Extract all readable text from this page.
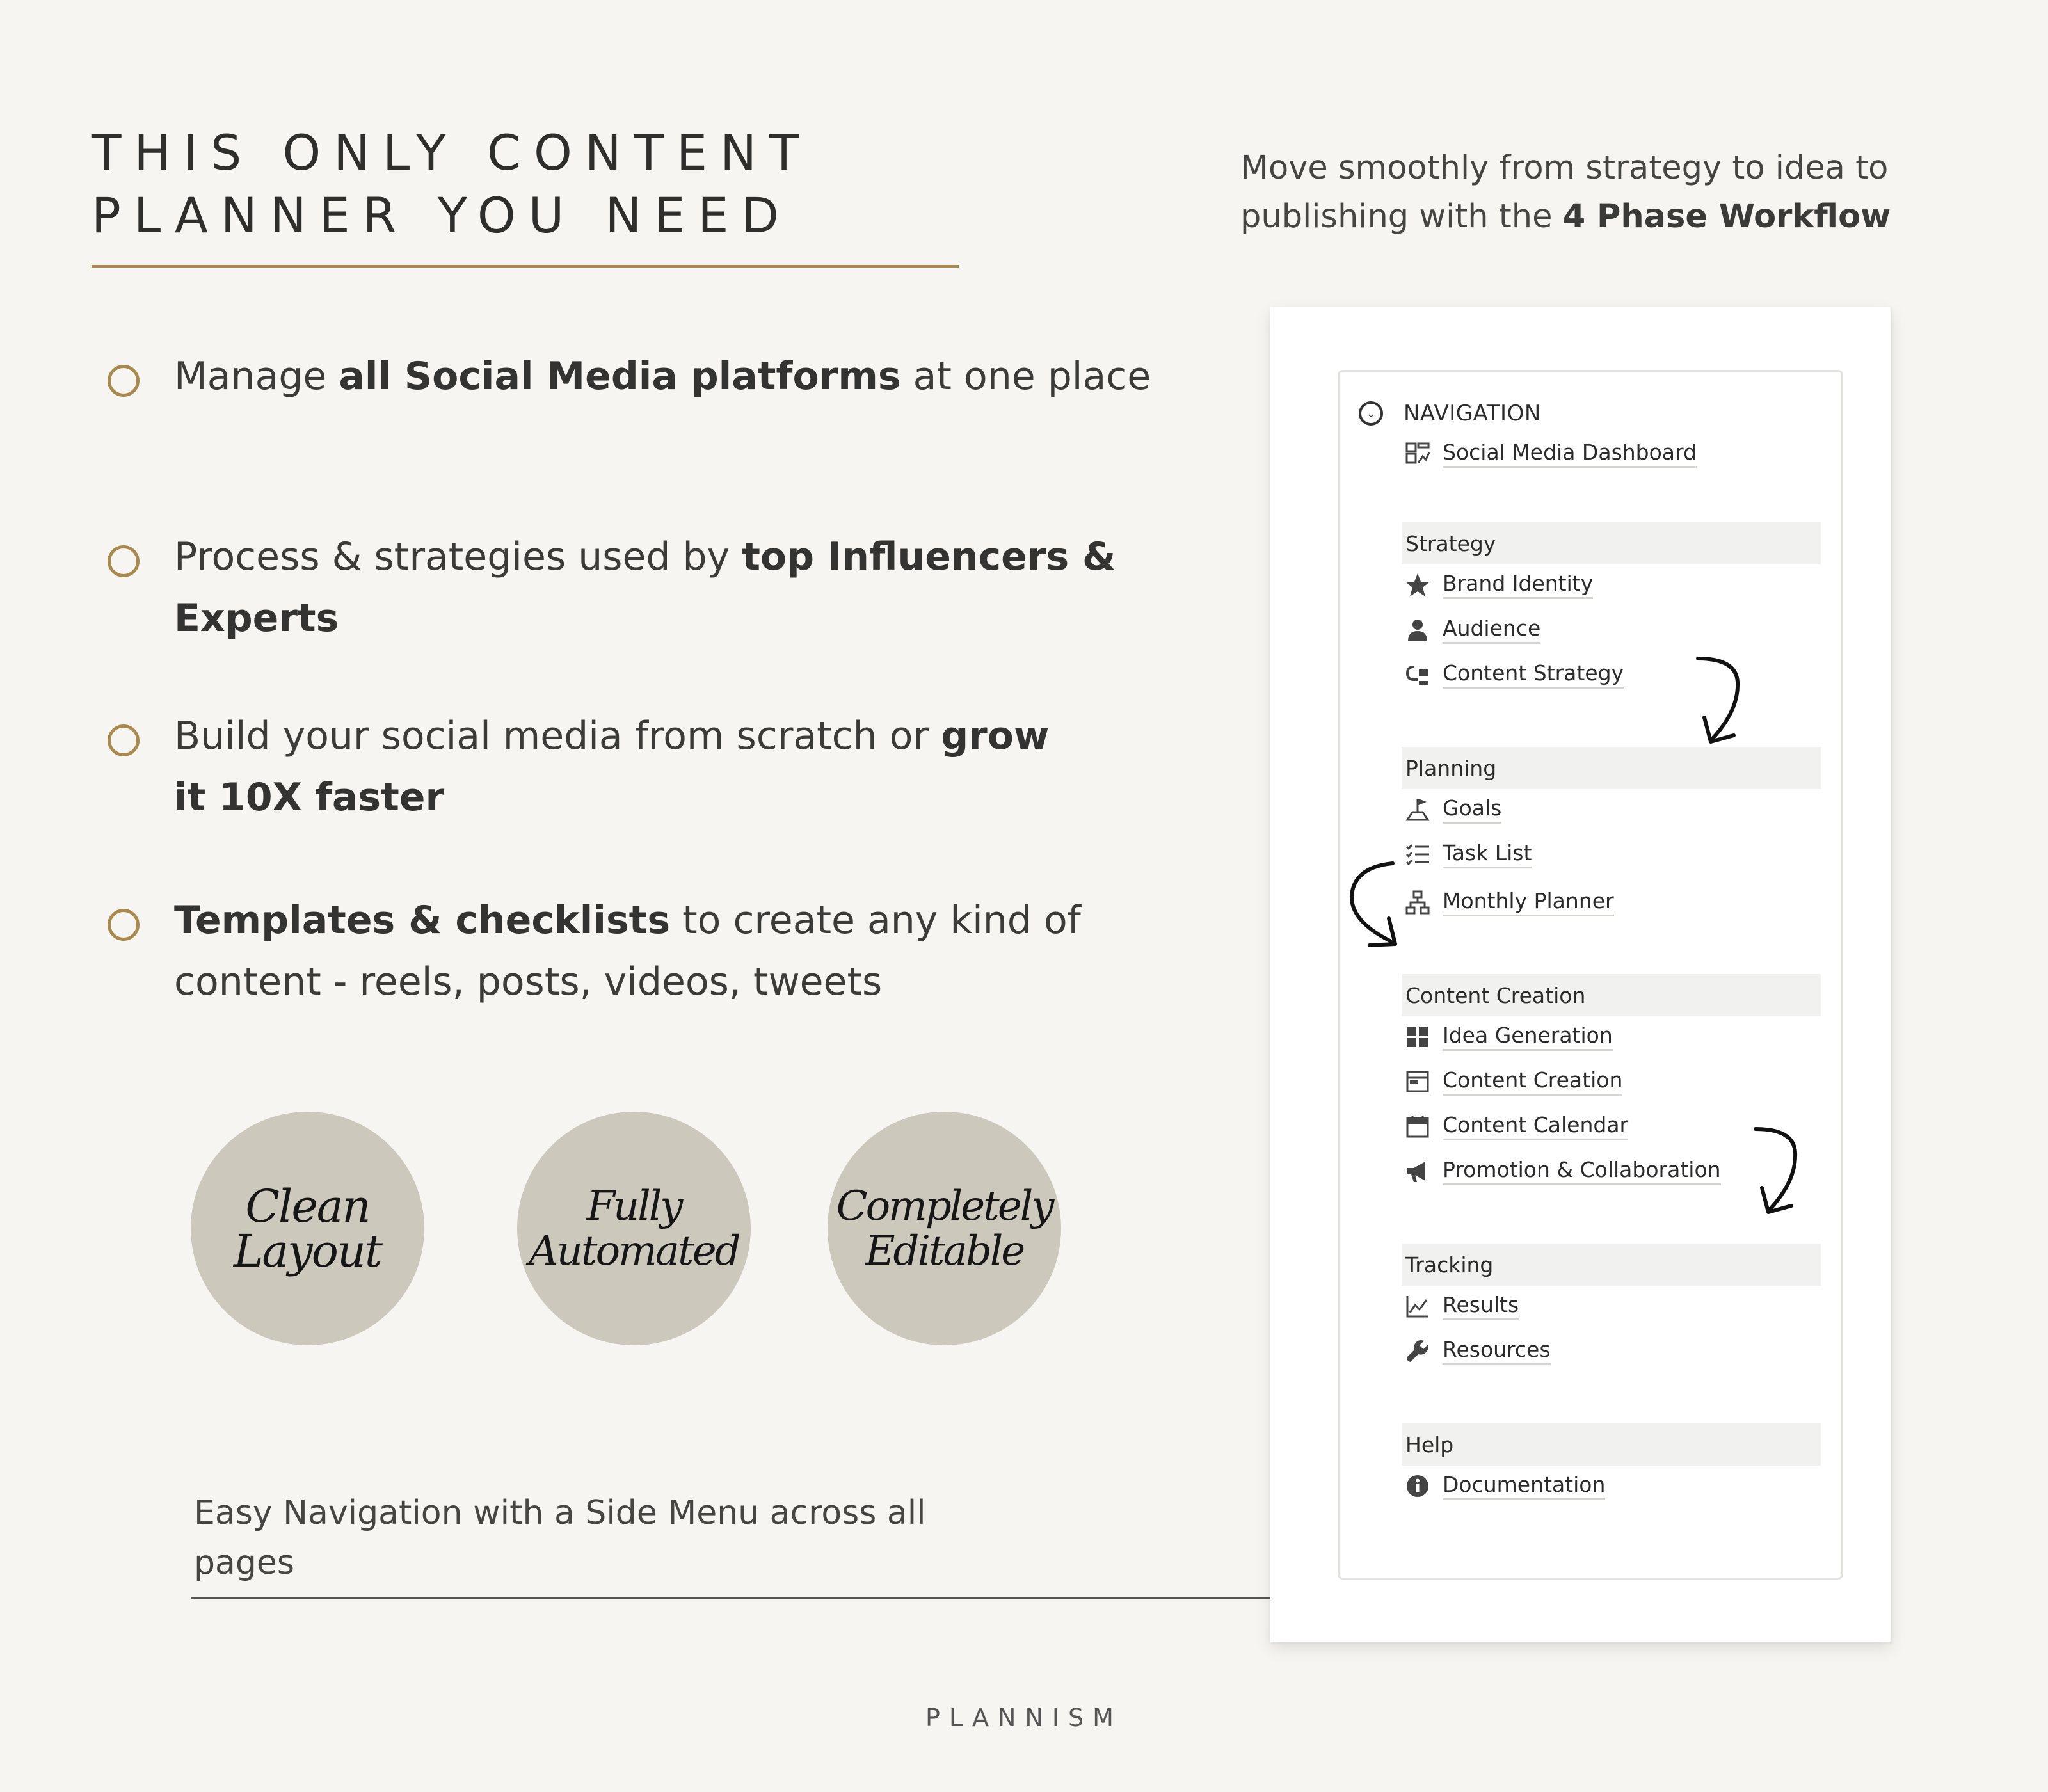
THIS ONLY CONTENT
PLANNER YOU NEED
Move smoothly from strategy to idea to publishing with the 4 Phase Workflow
Manage all Social Media platforms at one place
Process & strategies used by top Influencers & Experts
Build your social media from scratch or grow it 10X faster
Templates & checklists to create any kind of content - reels, posts, videos, tweets
Clean
Layout
Fully
Automated
Completely
Editable
Easy Navigation with a Side Menu across all pages
PLANNISM
⌄	NAVIGATION
Social Media Dashboard
Strategy
Brand Identity
Audience
Content Strategy
Planning
Goals
Task List
Monthly Planner
Content Creation
Idea Generation
Content Creation
Content Calendar
Promotion & Collaboration
Tracking
Results
Resources
Help
Documentation
